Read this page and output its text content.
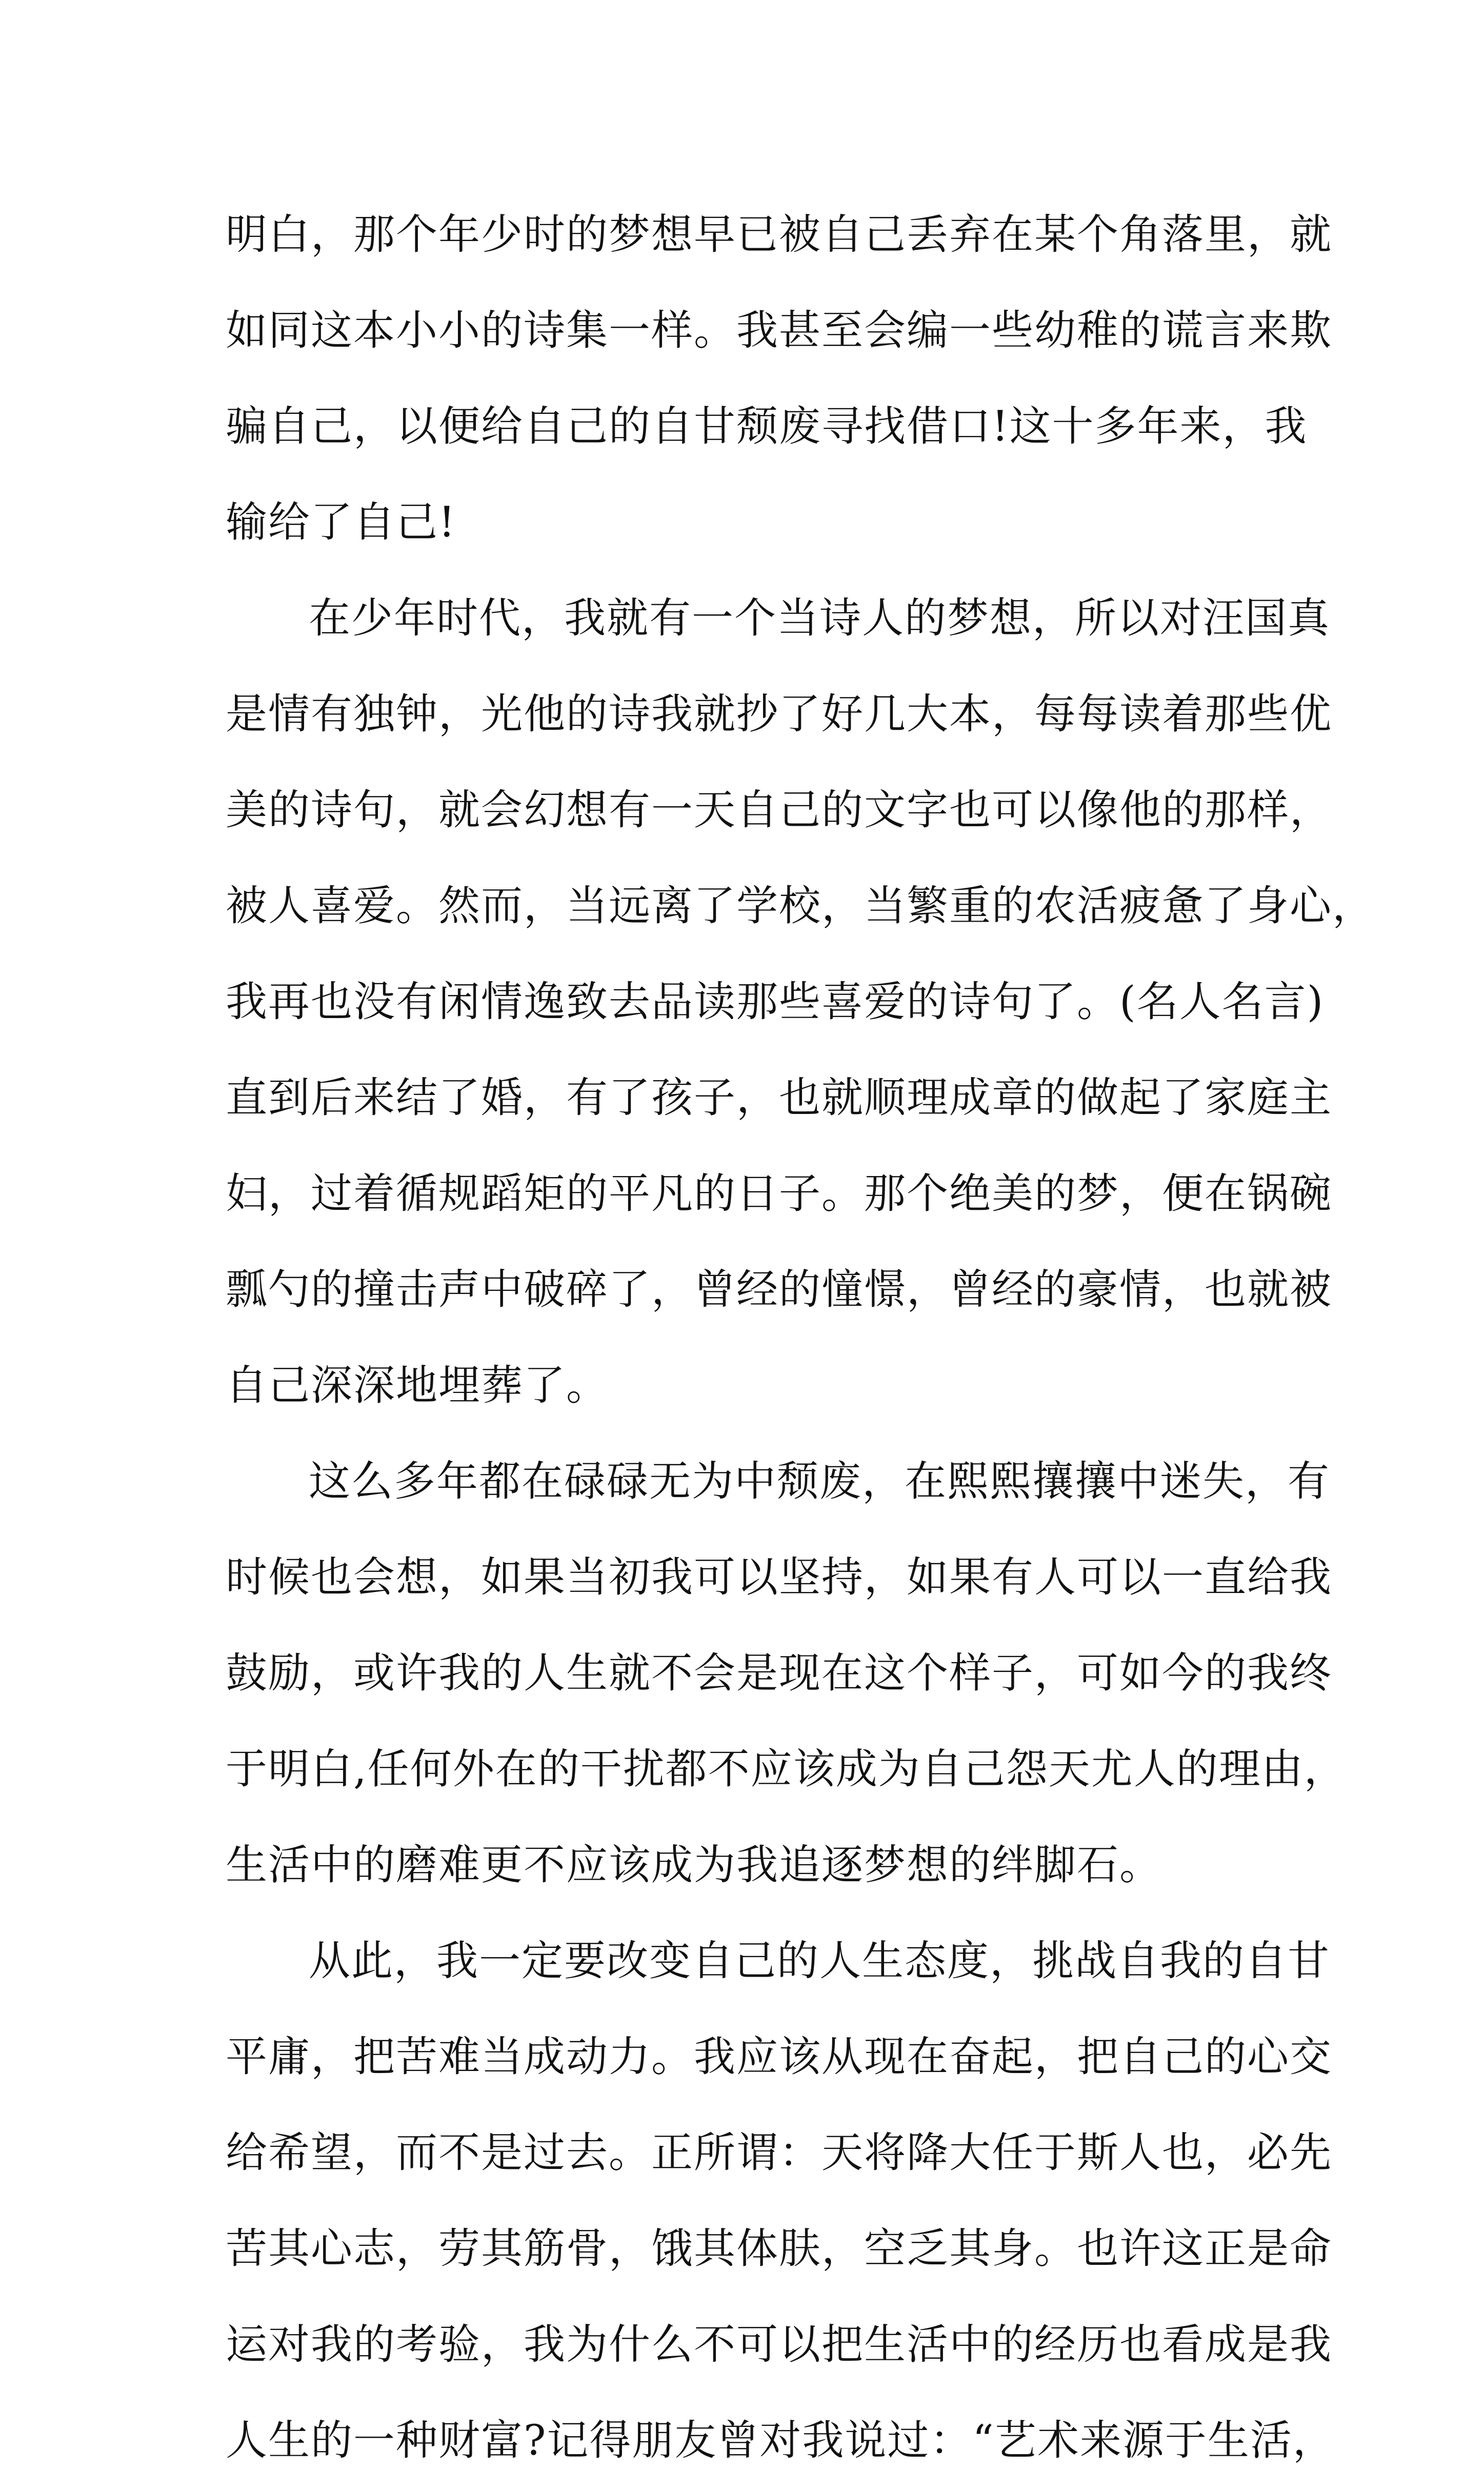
明白，那个年少时的梦想早已被自己丢弃在某个角落里，就
如同这本小小的诗集一样。我甚至会编一些幼稚的谎言来欺
骗自己，以便给自己的自甘颓废寻找借口!这十多年来，我
输给了自己!
在少年时代，我就有一个当诗人的梦想，所以对汪国真
是情有独钟，光他的诗我就抄了好几大本，每每读着那些优
美的诗句，就会幻想有一天自己的文字也可以像他的那样，
被人喜爱。然而，当远离了学校，当繁重的农活疲惫了身心，
我再也没有闲情逸致去品读那些喜爱的诗句了。(名人名言)
直到后来结了婚，有了孩子，也就顺理成章的做起了家庭主
妇，过着循规蹈矩的平凡的日子。那个绝美的梦，便在锅碗
瓢勺的撞击声中破碎了，曾经的憧憬，曾经的豪情，也就被
自己深深地埋葬了。
这么多年都在碌碌无为中颓废，在熙熙攘攘中迷失，有
时候也会想，如果当初我可以坚持，如果有人可以一直给我
鼓励，或许我的人生就不会是现在这个样子，可如今的我终
于明白,任何外在的干扰都不应该成为自己怨天尤人的理由，
生活中的磨难更不应该成为我追逐梦想的绊脚石。
从此，我一定要改变自己的人生态度，挑战自我的自甘
平庸，把苦难当成动力。我应该从现在奋起，把自己的心交
给希望，而不是过去。正所谓：天将降大任于斯人也，必先
苦其心志，劳其筋骨，饿其体肤，空乏其身。也许这正是命
运对我的考验，我为什么不可以把生活中的经历也看成是我
人生的一种财富?记得朋友曾对我说过：“艺术来源于生活，
